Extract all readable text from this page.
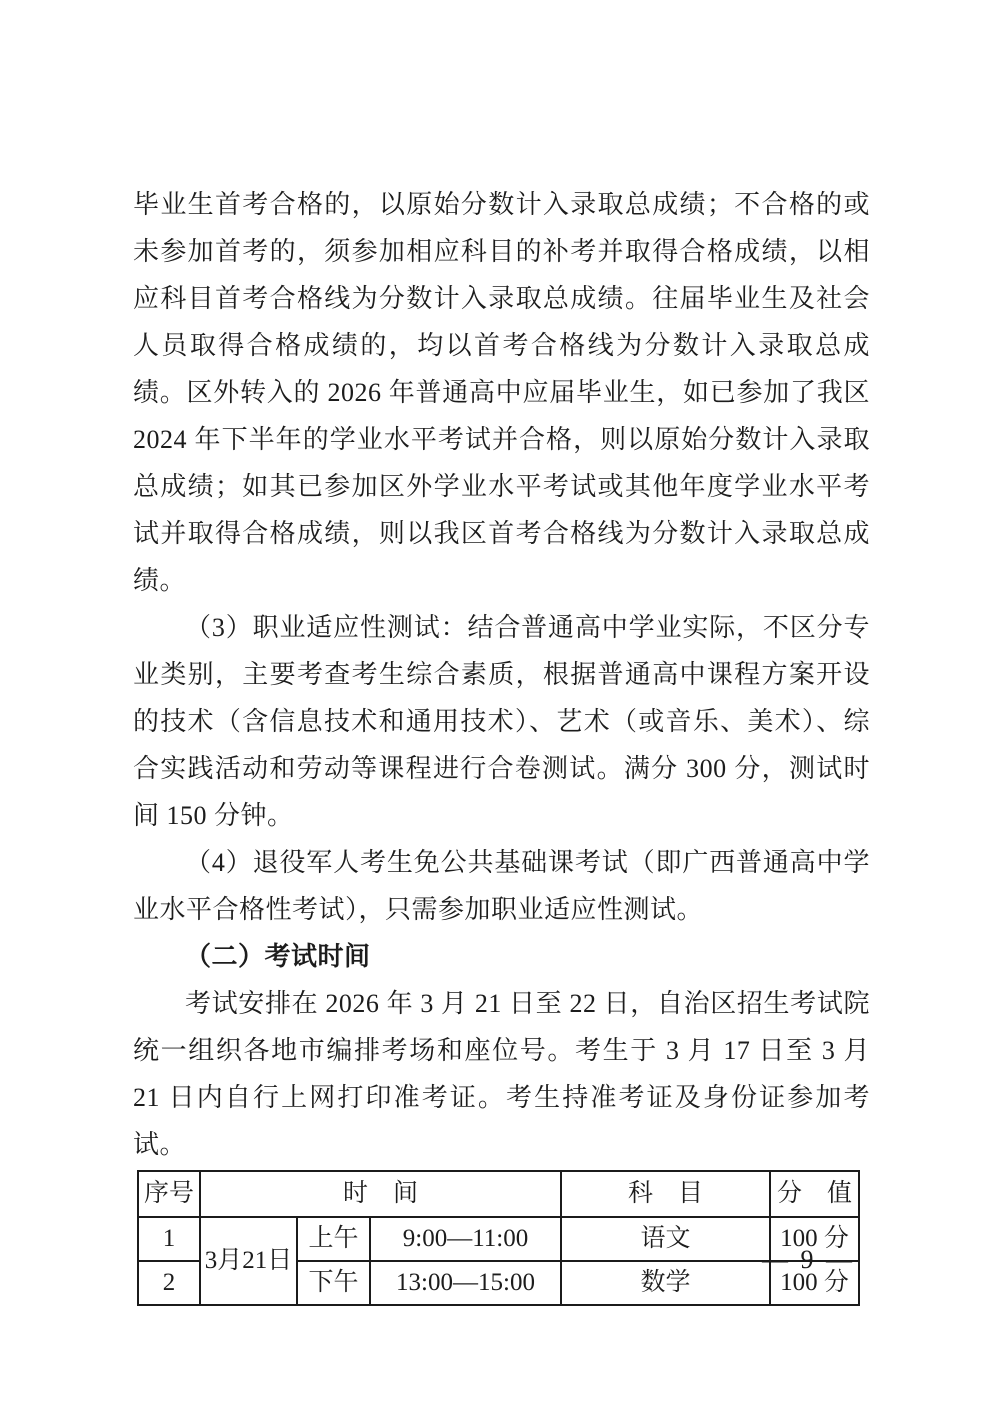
毕业生首考合格的，以原始分数计入录取总成绩；不合格的或未参加首考的，须参加相应科目的补考并取得合格成绩，以相应科目首考合格线为分数计入录取总成绩。往届毕业生及社会人员取得合格成绩的，均以首考合格线为分数计入录取总成绩。区外转入的 2026 年普通高中应届毕业生，如已参加了我区 2024 年下半年的学业水平考试并合格，则以原始分数计入录取总成绩；如其已参加区外学业水平考试或其他年度学业水平考试并取得合格成绩，则以我区首考合格线为分数计入录取总成绩。

（3）职业适应性测试：结合普通高中学业实际，不区分专业类别，主要考查考生综合素质，根据普通高中课程方案开设的技术（含信息技术和通用技术）、艺术（或音乐、美术）、综合实践活动和劳动等课程进行合卷测试。满分 300 分，测试时间 150 分钟。

（4）退役军人考生免公共基础课考试（即广西普通高中学业水平合格性考试），只需参加职业适应性测试。

（二）考试时间

考试安排在 2026 年 3 月 21 日至 22 日，自治区招生考试院统一组织各地市编排考场和座位号。考生于 3 月 17 日至 3 月 21 日内自行上网打印准考证。考生持准考证及身份证参加考试。

序号	时　间			科　目	分　值
1	3月21日	上午	9:00—11:00	语文	100 分
2		下午	13:00—15:00	数学	100 分
— 9 —
